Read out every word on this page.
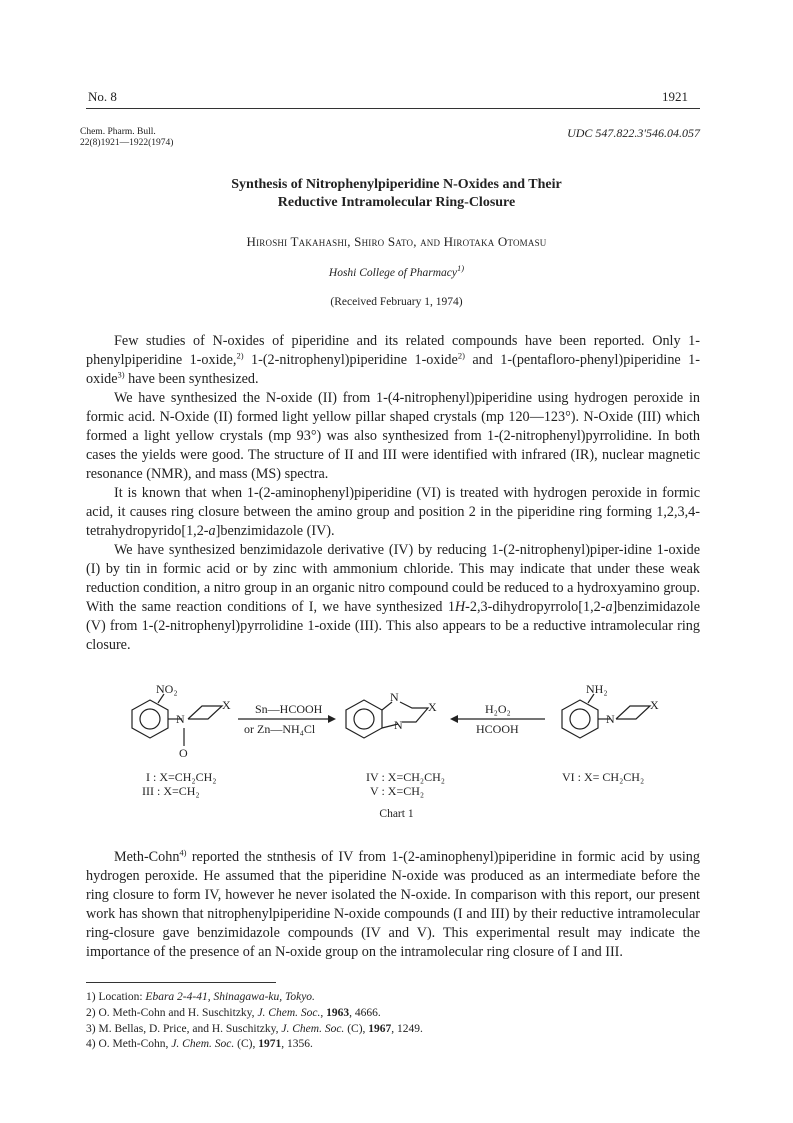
No. 8	1921
Chem. Pharm. Bull.
22(8)1921—1922(1974)
UDC 547.822.3'546.04.057
Synthesis of Nitrophenylpiperidine N-Oxides and Their
Reductive Intramolecular Ring-Closure
Hiroshi Takahashi, Shiro Sato, and Hirotaka Otomasu
Hoshi College of Pharmacy$^{1)}$
(Received February 1, 1974)

Few studies of N-oxides of piperidine and its related compounds have been reported. Only 1-phenylpiperidine 1-oxide,$^{2)}$ 1-(2-nitrophenyl)piperidine 1-oxide$^{2)}$ and 1-(pentafloro-phenyl)piperidine 1-oxide$^{3)}$ have been synthesized.

We have synthesized the N-oxide (II) from 1-(4-nitrophenyl)piperidine using hydrogen peroxide in formic acid. N-Oxide (II) formed light yellow pillar shaped crystals (mp 120—123°). N-Oxide (III) which formed a light yellow crystals (mp 93°) was also synthesized from 1-(2-nitrophenyl)pyrrolidine. In both cases the yields were good. The structure of II and III were identified with infrared (IR), nuclear magnetic resonance (NMR), and mass (MS) spectra.

It is known that when 1-(2-aminophenyl)piperidine (VI) is treated with hydrogen peroxide in formic acid, it causes ring closure between the amino group and position 2 in the piperidine ring forming 1,2,3,4-tetrahydropyrido[1,2-a]benzimidazole (IV).

We have synthesized benzimidazole derivative (IV) by reducing 1-(2-nitrophenyl)piper-idine 1-oxide (I) by tin in formic acid or by zinc with ammonium chloride. This may indicate that under these weak reduction condition, a nitro group in an organic nitro compound could be reduced to a hydroxyamino group. With the same reaction conditions of I, we have synthesized 1H-2,3-dihydropyrrolo[1,2-a]benzimidazole (V) from 1-(2-nitrophenyl)pyrrolidine 1-oxide (III). This also appears to be a reductive intramolecular ring closure.

NO₂
N
X
O
Sn—HCOOH
or Zn—NH₄Cl
N
N
X	H₂O₂
HCOOH
NH₂
N
X
I : X=CH₂CH₂
III : X=CH₂
IV : X=CH₂CH₂
V : X=CH₂
VI : X= CH₂CH₂
Chart 1

Meth-Cohn$^{4)}$ reported the stnthesis of IV from 1-(2-aminophenyl)piperidine in formic acid by using hydrogen peroxide. He assumed that the piperidine N-oxide was produced as an intermediate before the ring closure to form IV, however he never isolated the N-oxide. In comparison with this report, our present work has shown that nitrophenylpiperidine N-oxide compounds (I and III) by their reductive intramolecular ring-closure gave benzimidazole compounds (IV and V). This experimental result may indicate the importance of the presence of an N-oxide group on the intramolecular ring closure of I and III.

1) Location: Ebara 2-4-41, Shinagawa-ku, Tokyo.
2) O. Meth-Cohn and H. Suschitzky, J. Chem. Soc., 1963, 4666.
3) M. Bellas, D. Price, and H. Suschitzky, J. Chem. Soc. (C), 1967, 1249.
4) O. Meth-Cohn, J. Chem. Soc. (C), 1971, 1356.
